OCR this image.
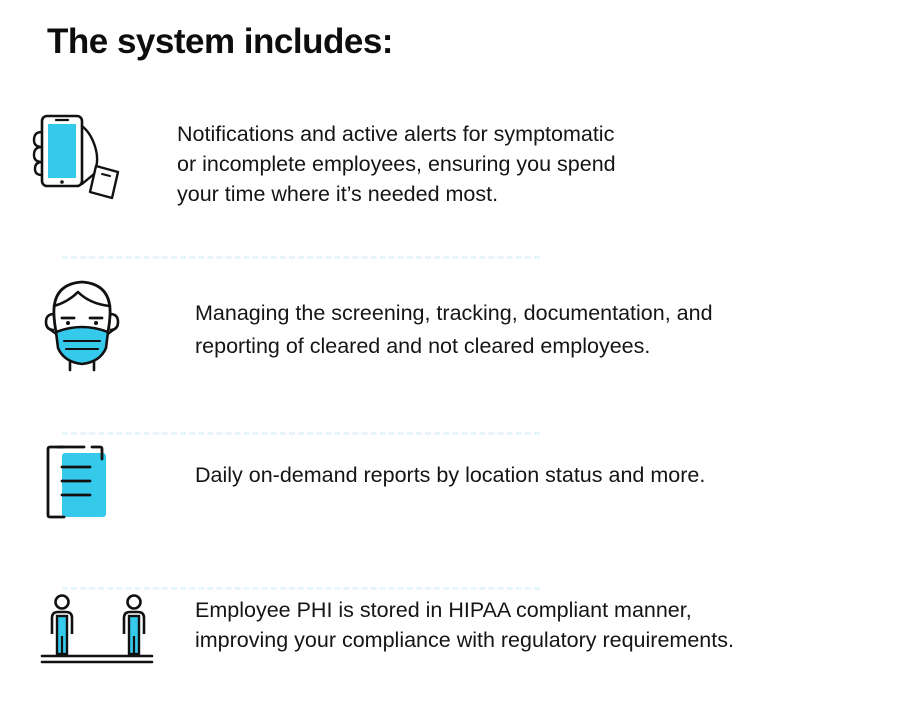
The system includes:

Notifications and active alerts for symptomatic
or incomplete employees, ensuring you spend
your time where it’s needed most.

Managing the screening, tracking, documentation, and
reporting of cleared and not cleared employees.

Daily on-demand reports by location status and more.

Employee PHI is stored in HIPAA compliant manner,
improving your compliance with regulatory requirements.
